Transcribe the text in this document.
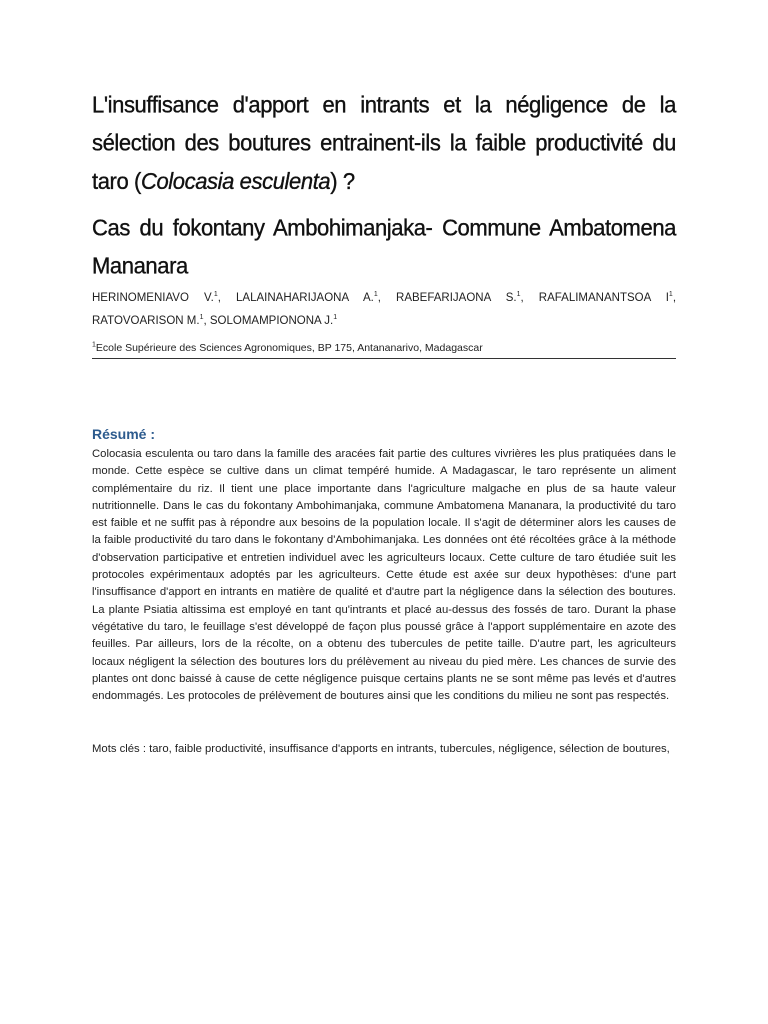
L'insuffisance d'apport en intrants et la négligence de la sélection des boutures entrainent-ils la faible productivité du taro (Colocasia esculenta) ?
Cas du fokontany Ambohimanjaka- Commune Ambatomena Mananara

HERINOMENIAVO V.$^1$, LALAINAHARIJAONA A.$^1$, RABEFARIJAONA S.$^1$, RAFALIMANANTSOA $I^1$, RATOVOARISON M.$^1$, SOLOMAMPIONONA J.$^1$

$^1$Ecole Supérieure des Sciences Agronomiques, BP 175, Antananarivo, Madagascar

Résumé :

Colocasia esculenta ou taro dans la famille des aracées fait partie des cultures vivrières les plus pratiquées dans le monde. Cette espèce se cultive dans un climat tempéré humide. A Madagascar, le taro représente un aliment complémentaire du riz. Il tient une place importante dans l'agriculture malgache en plus de sa haute valeur nutritionnelle. Dans le cas du fokontany Ambohimanjaka, commune Ambatomena Mananara, la productivité du taro est faible et ne suffit pas à répondre aux besoins de la population locale. Il s'agit de déterminer alors les causes de la faible productivité du taro dans le fokontany d'Ambohimanjaka. Les données ont été récoltées grâce à la méthode d'observation participative et entretien individuel avec les agriculteurs locaux. Cette culture de taro étudiée suit les protocoles expérimentaux adoptés par les agriculteurs. Cette étude est axée sur deux hypothèses: d'une part l'insuffisance d'apport en intrants en matière de qualité et d'autre part la négligence dans la sélection des boutures. La plante Psiatia altissima est employé en tant qu'intrants et placé au-dessus des fossés de taro. Durant la phase végétative du taro, le feuillage s'est développé de façon plus poussé grâce à l'apport supplémentaire en azote des feuilles. Par ailleurs, lors de la récolte, on a obtenu des tubercules de petite taille. D'autre part, les agriculteurs locaux négligent la sélection des boutures lors du prélèvement au niveau du pied mère. Les chances de survie des plantes ont donc baissé à cause de cette négligence puisque certains plants ne se sont même pas levés et d'autres endommagés. Les protocoles de prélèvement de boutures ainsi que les conditions du milieu ne sont pas respectés.

Mots clés : taro, faible productivité, insuffisance d'apports en intrants, tubercules, négligence, sélection de boutures,
